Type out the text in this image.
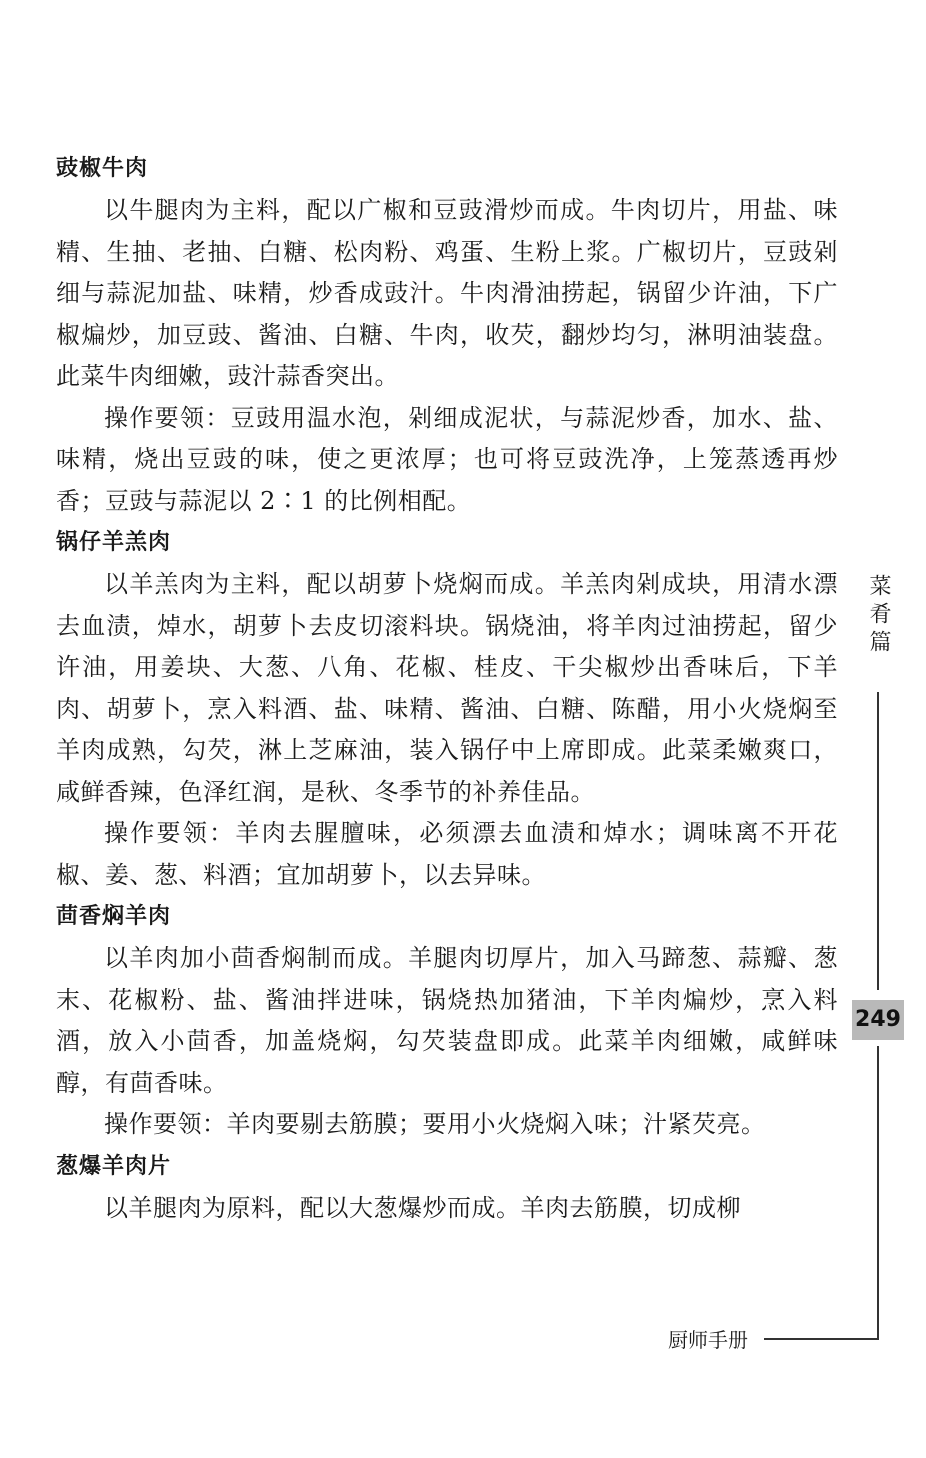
豉椒牛肉

以牛腿肉为主料，配以广椒和豆豉滑炒而成。牛肉切片，用盐、味精、生抽、老抽、白糖、松肉粉、鸡蛋、生粉上浆。广椒切片，豆豉剁细与蒜泥加盐、味精，炒香成豉汁。牛肉滑油捞起，锅留少许油，下广椒煸炒，加豆豉、酱油、白糖、牛肉，收芡，翻炒均匀，淋明油装盘。此菜牛肉细嫩，豉汁蒜香突出。

操作要领：豆豉用温水泡，剁细成泥状，与蒜泥炒香，加水、盐、味精，烧出豆豉的味，使之更浓厚；也可将豆豉洗净，上笼蒸透再炒香；豆豉与蒜泥以 2∶1 的比例相配。

锅仔羊羔肉

以羊羔肉为主料，配以胡萝卜烧焖而成。羊羔肉剁成块，用清水漂去血渍，焯水，胡萝卜去皮切滚料块。锅烧油，将羊肉过油捞起，留少许油，用姜块、大葱、八角、花椒、桂皮、干尖椒炒出香味后，下羊肉、胡萝卜，烹入料酒、盐、味精、酱油、白糖、陈醋，用小火烧焖至羊肉成熟，勾芡，淋上芝麻油，装入锅仔中上席即成。此菜柔嫩爽口，咸鲜香辣，色泽红润，是秋、冬季节的补养佳品。

操作要领：羊肉去腥膻味，必须漂去血渍和焯水；调味离不开花椒、姜、葱、料酒；宜加胡萝卜，以去异味。

茴香焖羊肉

以羊肉加小茴香焖制而成。羊腿肉切厚片，加入马蹄葱、蒜瓣、葱末、花椒粉、盐、酱油拌进味，锅烧热加猪油，下羊肉煸炒，烹入料酒，放入小茴香，加盖烧焖，勾芡装盘即成。此菜羊肉细嫩，咸鲜味醇，有茴香味。

操作要领：羊肉要剔去筋膜；要用小火烧焖入味；汁紧芡亮。

葱爆羊肉片

以羊腿肉为原料，配以大葱爆炒而成。羊肉去筋膜，切成柳

菜肴篇
249
厨师手册
